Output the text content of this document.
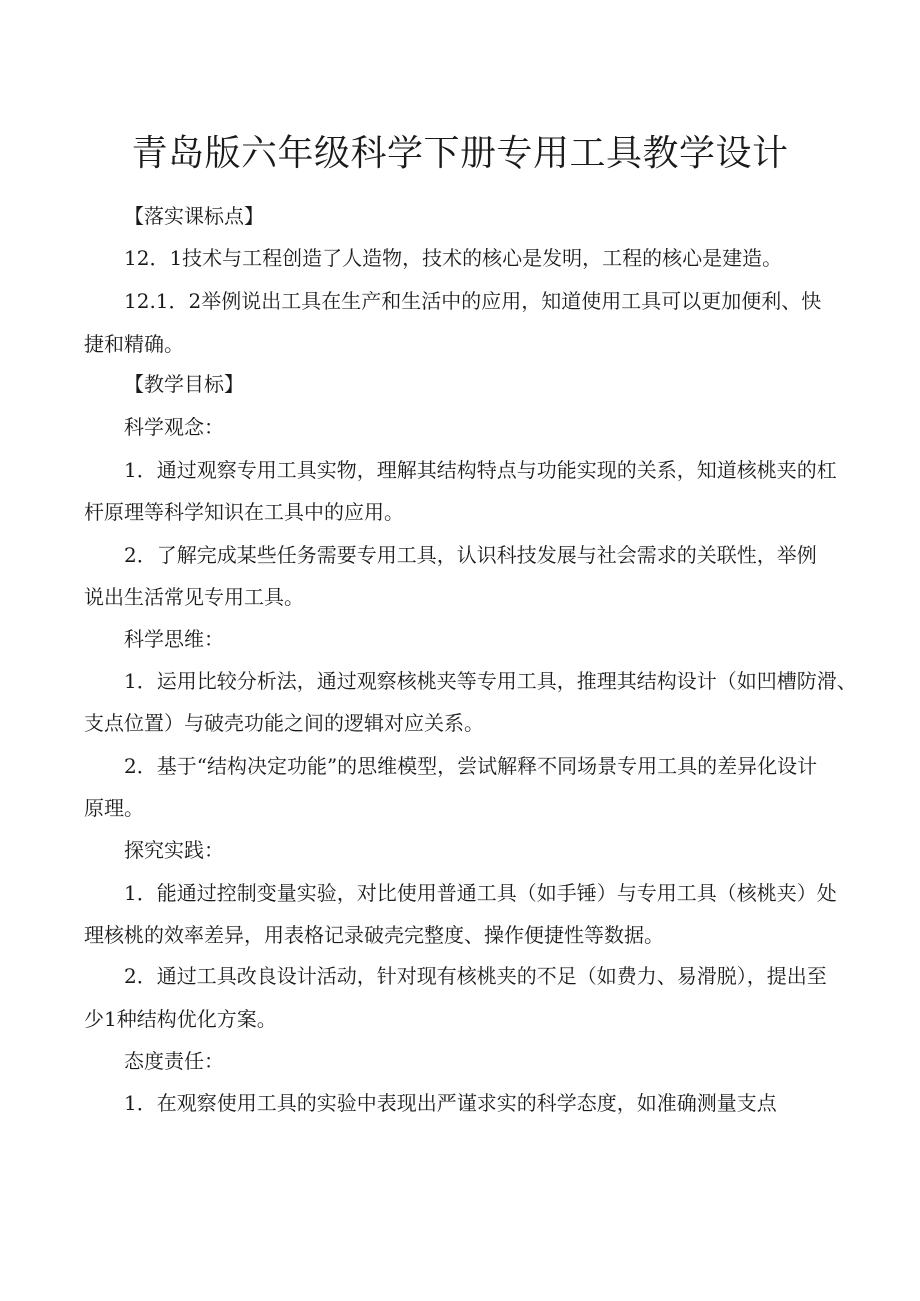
青岛版六年级科学下册专用工具教学设计
【落实课标点】
12．1技术与工程创造了人造物，技术的核心是发明，工程的核心是建造。
12.1．2举例说出工具在生产和生活中的应用，知道使用工具可以更加便利、快
捷和精确。
【教学目标】
科学观念：
1．通过观察专用工具实物，理解其结构特点与功能实现的关系，知道核桃夹的杠
杆原理等科学知识在工具中的应用。
2．了解完成某些任务需要专用工具，认识科技发展与社会需求的关联性，举例
说出生活常见专用工具。
科学思维：
1．运用比较分析法，通过观察核桃夹等专用工具，推理其结构设计（如凹槽防滑、
支点位置）与破壳功能之间的逻辑对应关系。
2．基于“结构决定功能”的思维模型，尝试解释不同场景专用工具的差异化设计
原理。
探究实践：
1．能通过控制变量实验，对比使用普通工具（如手锤）与专用工具（核桃夹）处
理核桃的效率差异，用表格记录破壳完整度、操作便捷性等数据。
2．通过工具改良设计活动，针对现有核桃夹的不足（如费力、易滑脱），提出至
少1种结构优化方案。
态度责任：
1．在观察使用工具的实验中表现出严谨求实的科学态度，如准确测量支点
